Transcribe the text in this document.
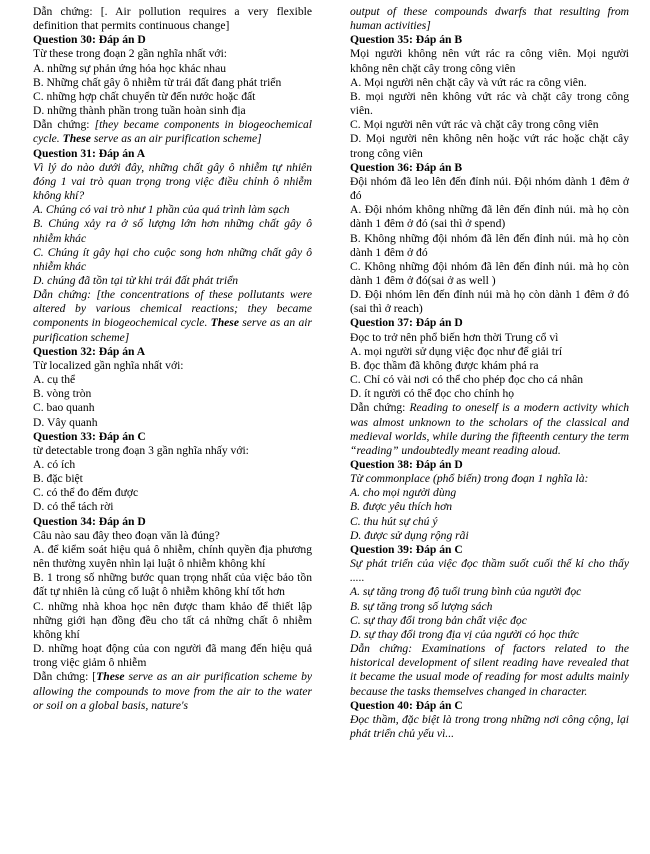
Dẫn chứng: [. Air pollution requires a very flexible definition that permits continuous change]

Question 30: Đáp án D

Từ these trong đoạn 2 gần nghĩa nhất với:

A. những sự phản ứng hóa học khác nhau

B. Những chất gây ô nhiễm từ trái đất đang phát triển

C. những hợp chất chuyển từ đến nước hoặc đất

D. những thành phần trong tuần hoàn sinh địa

Dẫn chứng: [they became components in biogeochemical cycle. These serve as an air purification scheme]

Question 31: Đáp án A

Vì lý do nào dưới đây, những chất gây ô nhiễm tự nhiên đóng 1 vai trò quan trọng trong việc điều chỉnh ô nhiễm không khí?

A. Chúng có vai trò như 1 phần của quá trình làm sạch

B. Chúng xảy ra ở số lượng lớn hơn những chất gây ô nhiễm khác

C. Chúng ít gây hại cho cuộc song hơn những chất gây ô nhiễm khác

D. chúng đã tồn tại từ khi trái đất phát triển

Dẫn chứng: [the concentrations of these pollutants were altered by various chemical reactions; they became components in biogeochemical cycle. These serve as an air purification scheme]

Question 32: Đáp án A

Từ localized gần nghĩa nhất với:

A. cụ thể

B. vòng tròn

C. bao quanh

D. Vây quanh

Question 33: Đáp án C

từ detectable trong đoạn 3 gần nghĩa nhấy với:

A. có ích

B. đặc biệt

C. có thể đo đếm được

D. có thể tách rời

Question 34: Đáp án D

Câu nào sau đây theo đoạn văn là đúng?

A. để kiểm soát hiệu quả ô nhiễm, chính quyền địa phương nên thường xuyên nhìn lại luật ô nhiễm không khí

B. 1 trong số những bước quan trọng nhất của việc bảo tồn đất tự nhiên là củng cố luật ô nhiễm không khí tốt hơn

C. những nhà khoa học nên được tham khảo để thiết lập những giới hạn đồng đều cho tất cả những chất ô nhiễm không khí

D. những hoạt động của con người đã mang đến hiệu quả trong việc giảm ô nhiễm

Dẫn chứng: [These serve as an air purification scheme by allowing the compounds to move from the air to the water or soil on a global basis, nature's

output of these compounds dwarfs that resulting from human activities]

Question 35: Đáp án B

Mọi người không nên vứt rác ra công viên. Mọi người không nên chặt cây trong công viên

A. Mọi người nên chặt cây và vứt rác ra công viên.

B. mọi người nên không vứt rác và chặt cây trong công viên.

C. Mọi người nên vứt rác và chặt cây trong công viên

D. Mọi người nên không nên hoặc vứt rác hoặc chặt cây trong công viên

Question 36: Đáp án B

Đội nhóm đã leo lên đến đỉnh núi. Đội nhóm dành 1 đêm ở đó

A. Đội nhóm không những đã lên đến đỉnh núi. mà họ còn dành 1 đêm ở đó (sai thì ở spend)

B. Không những đội nhóm đã lên đến đỉnh núi. mà họ còn dành 1 đêm ở đó

C. Không những đội nhóm đã lên đến đỉnh núi. mà họ còn dành 1 đêm ở đó(sai ở as well )

D. Đội nhóm lên đến đỉnh núi mà họ còn dành 1 đêm ở đó (sai thì ở reach)

Question 37: Đáp án D

Đọc to trở nên phổ biến hơn thời Trung cổ vì

A. mọi người sử dụng việc đọc như để giải trí

B. đọc thầm đã không được khám phá ra

C. Chỉ có vài nơi có thể cho phép đọc cho cá nhân

D. ít người có thể đọc cho chính họ

Dẫn chứng: Reading to oneself is a modern activity which was almost unknown to the scholars of the classical and medieval worlds, while during the fifteenth century the term “reading” undoubtedly meant reading aloud.

Question 38: Đáp án D

Từ commonplace (phổ biến) trong đoạn 1 nghĩa là:

A. cho mọi người dùng

B. được yêu thích hơn

C. thu hút sự chú ý

D. được sử dụng rộng rãi

Question 39: Đáp án C

Sự phát triển của việc đọc thầm suốt cuối thế kỉ cho thấy .....

A. sự tăng trong độ tuổi trung bình của người đọc

B. sự tăng trong số lượng sách

C. sự thay đổi trong bản chất việc đọc

D. sự thay đổi trong địa vị của người có học thức

Dẫn chứng: Examinations of factors related to the historical development of silent reading have revealed that it became the usual mode of reading for most adults mainly because the tasks themselves changed in character.

Question 40: Đáp án C

Đọc thầm, đặc biệt là trong trong những nơi công cộng, lại phát triển chủ yếu vì...
